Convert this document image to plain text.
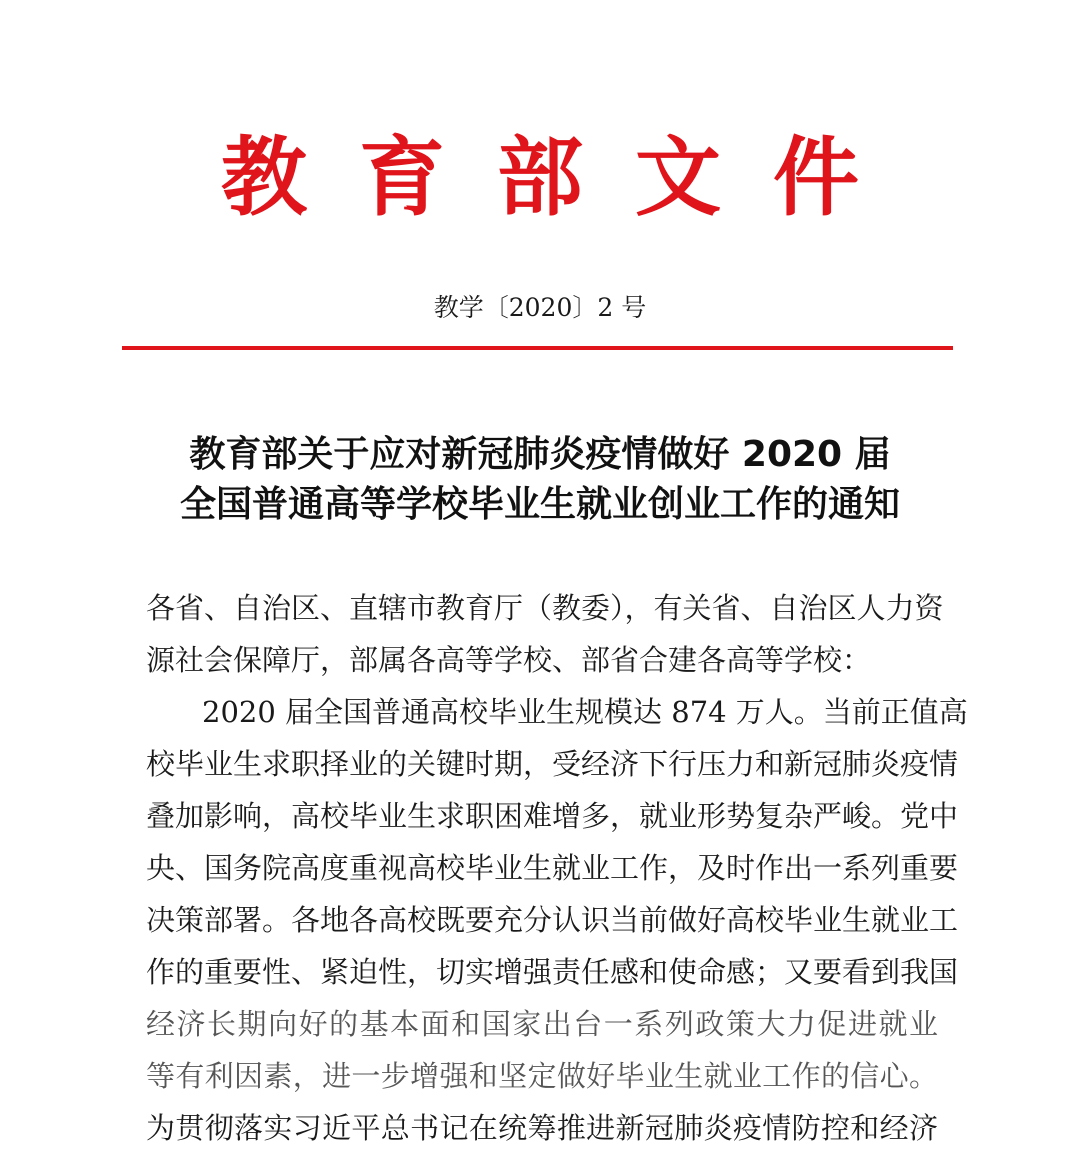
教育部文件
教学〔2020〕2 号
教育部关于应对新冠肺炎疫情做好 2020 届
全国普通高等学校毕业生就业创业工作的通知
各省、自治区、直辖市教育厅（教委），有关省、自治区人力资
源社会保障厅，部属各高等学校、部省合建各高等学校：
2020 届全国普通高校毕业生规模达 874 万人。当前正值高
校毕业生求职择业的关键时期，受经济下行压力和新冠肺炎疫情
叠加影响，高校毕业生求职困难增多，就业形势复杂严峻。党中
央、国务院高度重视高校毕业生就业工作，及时作出一系列重要
决策部署。各地各高校既要充分认识当前做好高校毕业生就业工
作的重要性、紧迫性，切实增强责任感和使命感；又要看到我国
经济长期向好的基本面和国家出台一系列政策大力促进就业
等有利因素，进一步增强和坚定做好毕业生就业工作的信心。
为贯彻落实习近平总书记在统筹推进新冠肺炎疫情防控和经济
